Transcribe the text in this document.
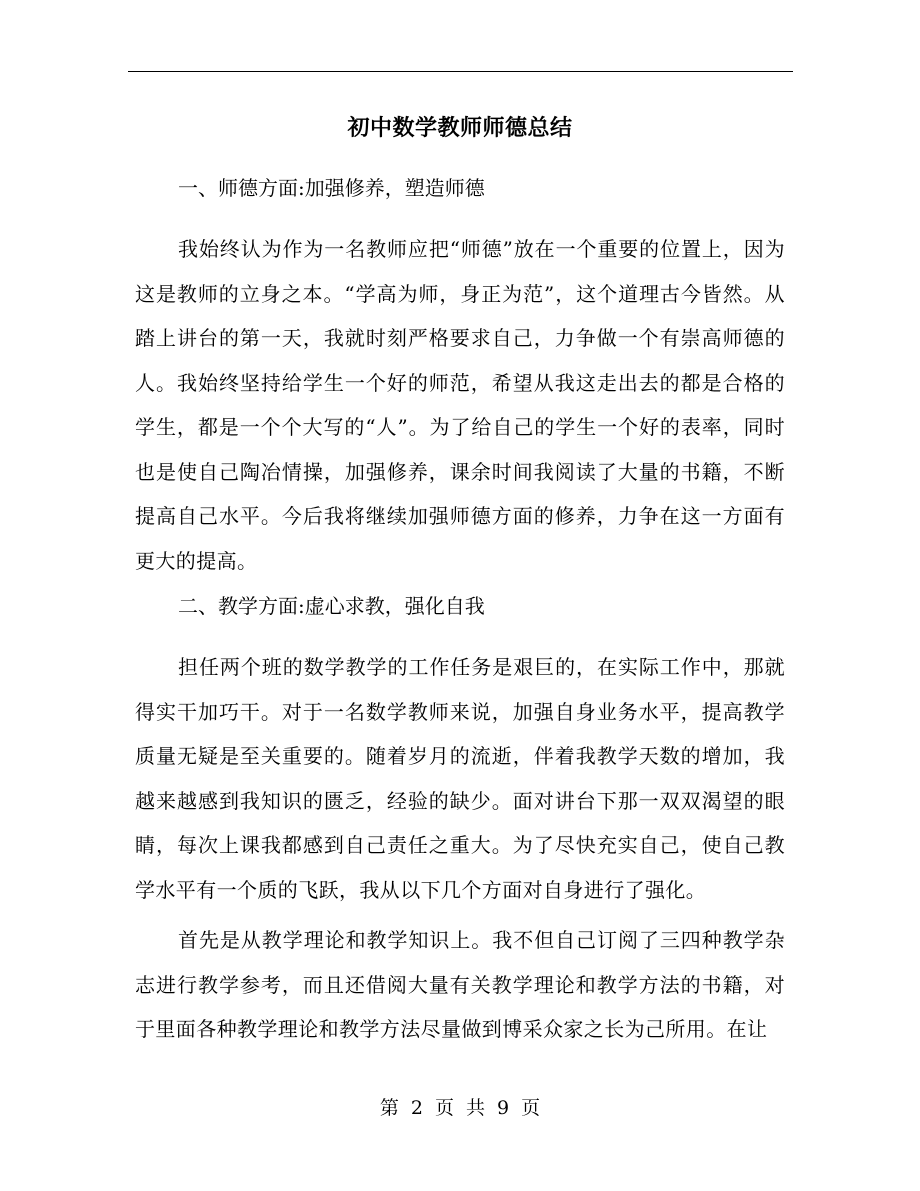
初中数学教师师德总结
一、师德方面:加强修养，塑造师德

我始终认为作为一名教师应把“师德”放在一个重要的位置上，因为这是教师的立身之本。“学高为师，身正为范”，这个道理古今皆然。从踏上讲台的第一天，我就时刻严格要求自己，力争做一个有崇高师德的人。我始终坚持给学生一个好的师范，希望从我这走出去的都是合格的学生，都是一个个大写的“人”。为了给自己的学生一个好的表率，同时也是使自己陶冶情操，加强修养，课余时间我阅读了大量的书籍，不断提高自己水平。今后我将继续加强师德方面的修养，力争在这一方面有更大的提高。

二、教学方面:虚心求教，强化自我

担任两个班的数学教学的工作任务是艰巨的，在实际工作中，那就得实干加巧干。对于一名数学教师来说，加强自身业务水平，提高教学质量无疑是至关重要的。随着岁月的流逝，伴着我教学天数的增加，我越来越感到我知识的匮乏，经验的缺少。面对讲台下那一双双渴望的眼睛，每次上课我都感到自己责任之重大。为了尽快充实自己，使自己教学水平有一个质的飞跃，我从以下几个方面对自身进行了强化。

首先是从教学理论和教学知识上。我不但自己订阅了三四种教学杂志进行教学参考，而且还借阅大量有关教学理论和教学方法的书籍，对于里面各种教学理论和教学方法尽量做到博采众家之长为己所用。在让

第 2 页 共 9 页
